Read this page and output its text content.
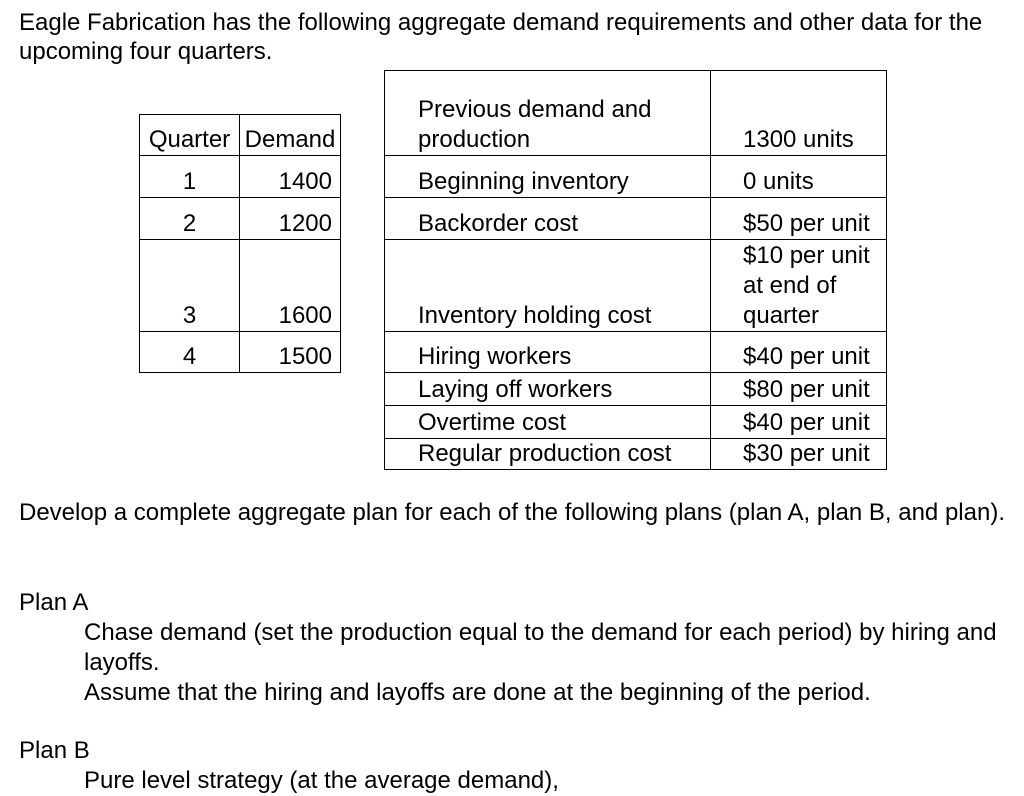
Eagle Fabrication has the following aggregate demand requirements and other data for the upcoming four quarters.

Quarter	Demand
1	1400
2	1200
3	1600
4	1500
Previous demand and production	1300 units
Beginning inventory	0 units
Backorder cost	$50 per unit
Inventory holding cost	$10 per unit at end of quarter
Hiring workers	$40 per unit
Laying off workers	$80 per unit
Overtime cost	$40 per unit
Regular production cost	$30 per unit

Develop a complete aggregate plan for each of the following plans (plan A, plan B, and plan).

Plan A

Chase demand (set the production equal to the demand for each period) by hiring and layoffs.

Assume that the hiring and layoffs are done at the beginning of the period.

Plan B

Pure level strategy (at the average demand),
